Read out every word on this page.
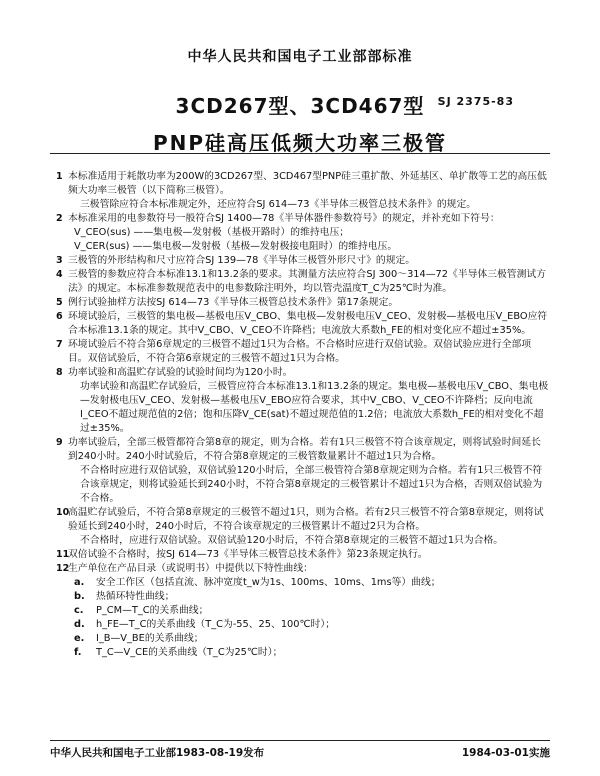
中华人民共和国电子工业部部标准
3CD267型、3CD467型
PNP硅高压低频大功率三极管
SJ 2375-83
1 本标准适用于耗散功率为200W的3CD267型、3CD467型PNP硅三重扩散、外延基区、单扩散等工艺的高压低频大功率三极管（以下简称三极管）。
三极管除应符合本标准规定外，还应符合SJ 614—73《半导体三极管总技术条件》的规定。
2 本标准采用的电参数符号一般符合SJ 1400—78《半导体器件参数符号》的规定，并补充如下符号：
V_CEO(sus) ——集电极—发射极（基极开路时）的维持电压；
V_CER(sus) ——集电极—发射极（基极—发射极接电阻时）的维持电压。
3 三极管的外形结构和尺寸应符合SJ 139—78《半导体三极管外形尺寸》的规定。
4 三极管的参数应符合本标准13.1和13.2条的要求。其测量方法应符合SJ 300～314—72《半导体三极管测试方法》的规定。本标准参数规范表中的电参数除注明外，均以管壳温度T_C为25℃时为准。
5 例行试验抽样方法按SJ 614—73《半导体三极管总技术条件》第17条规定。
6 环境试验后，三极管的集电极—基极电压V_CBO、集电极—发射极电压V_CEO、发射极—基极电压V_EBO应符合本标准13.1条的规定。其中V_CBO、V_CEO不许降档；电流放大系数h_FE的相对变化应不超过±35%。
7 环境试验后不符合第6章规定的三极管不超过1只为合格。不合格时应进行双倍试验。双倍试验应进行全部项目。双倍试验后，不符合第6章规定的三极管不超过1只为合格。
8 功率试验和高温贮存试验的试验时间均为120小时。
功率试验和高温贮存试验后，三极管应符合本标准13.1和13.2条的规定。集电极—基极电压V_CBO、集电极—发射极电压V_CEO、发射极—基极电压V_EBO应符合要求，其中V_CBO、V_CEO不许降档；反向电流I_CEO不超过规范值的2倍；饱和压降V_CE(sat)不超过规范值的1.2倍；电流放大系数h_FE的相对变化不超过±35%。
9 功率试验后，全部三极管都符合第8章的规定，则为合格。若有1只三极管不符合该章规定，则将试验时间延长到240小时。240小时试验后，不符合第8章规定的三极管数量累计不超过1只为合格。
不合格时应进行双倍试验，双倍试验120小时后，全部三极管符合第8章规定则为合格。若有1只三极管不符合该章规定，则将试验延长到240小时，不符合第8章规定的三极管累计不超过1只为合格，否则双倍试验为不合格。
10
高温贮存试验后，不符合第8章规定的三极管不超过1只，则为合格。若有2只三极管不符合第8章规定，则将试验延长到240小时，240小时后，不符合该章规定的三极管累计不超过2只为合格。
不合格时，应进行双倍试验。双倍试验120小时后，不符合第8章规定的三极管不超过1只为合格。
11
双倍试验不合格时，按SJ 614—73《半导体三极管总技术条件》第23条规定执行。
12
生产单位在产品目录（或说明书）中提供以下特性曲线：
a. 安全工作区（包括直流、脉冲宽度t_w为1s、100ms、10ms、1ms等）曲线；
b. 热循环特性曲线；
c. P_CM—T_C的关系曲线；
d. h_FE—T_C的关系曲线（T_C为-55、25、100℃时）；
e. I_B—V_BE的关系曲线；
f. T_C—V_CE的关系曲线（T_C为25℃时）；
中华人民共和国电子工业部1983-08-19发布	1984-03-01实施
